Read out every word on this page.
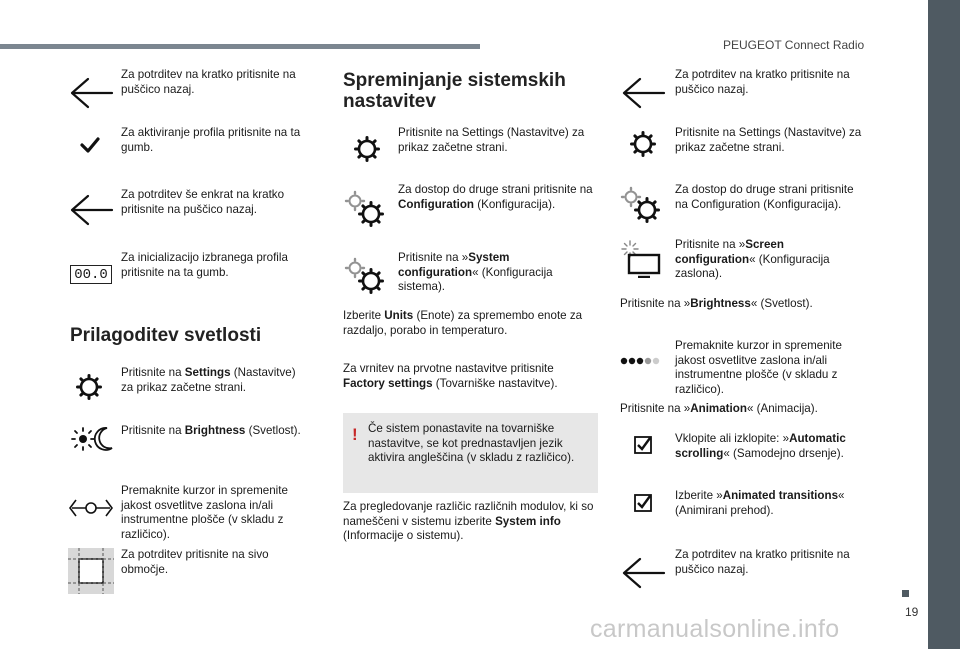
PEUGEOT Connect Radio
Za potrditev na kratko pritisnite na puščico nazaj.
Za aktiviranje profila pritisnite na ta gumb.
Za potrditev še enkrat na kratko pritisnite na puščico nazaj.
00.0
Za inicializacijo izbranega profila pritisnite na ta gumb.
Prilagoditev svetlosti
Pritisnite na Settings (Nastavitve) za prikaz začetne strani.
Pritisnite na Brightness (Svetlost).
Premaknite kurzor in spremenite jakost osvetlitve zaslona in/ali instrumentne plošče (v skladu z različico).
Za potrditev pritisnite na sivo območje.
Spreminjanje sistemskih nastavitev
Pritisnite na Settings (Nastavitve) za prikaz začetne strani.
Za dostop do druge strani pritisnite na Configuration (Konfiguracija).
Pritisnite na »System configuration« (Konfiguracija sistema).
Izberite Units (Enote) za spremembo enote za razdaljo, porabo in temperaturo.
Za vrnitev na prvotne nastavitve pritisnite Factory settings (Tovarniške nastavitve).
! Če sistem ponastavite na tovarniške nastavitve, se kot prednastavljen jezik aktivira angleščina (v skladu z različico).
Za pregledovanje različic različnih modulov, ki so nameščeni v sistemu izberite System info (Informacije o sistemu).
Za potrditev na kratko pritisnite na puščico nazaj.
Pritisnite na Settings (Nastavitve) za prikaz začetne strani.
Za dostop do druge strani pritisnite na Configuration (Konfiguracija).
Pritisnite na »Screen configuration« (Konfiguracija zaslona).
Pritisnite na »Brightness« (Svetlost).
Premaknite kurzor in spremenite jakost osvetlitve zaslona in/ali instrumentne plošče (v skladu z različico).
Pritisnite na »Animation« (Animacija).
Vklopite ali izklopite: »Automatic scrolling« (Samodejno drsenje).
Izberite »Animated transitions« (Animirani prehod).
Za potrditev na kratko pritisnite na puščico nazaj.
19
carmanualsonline.info
